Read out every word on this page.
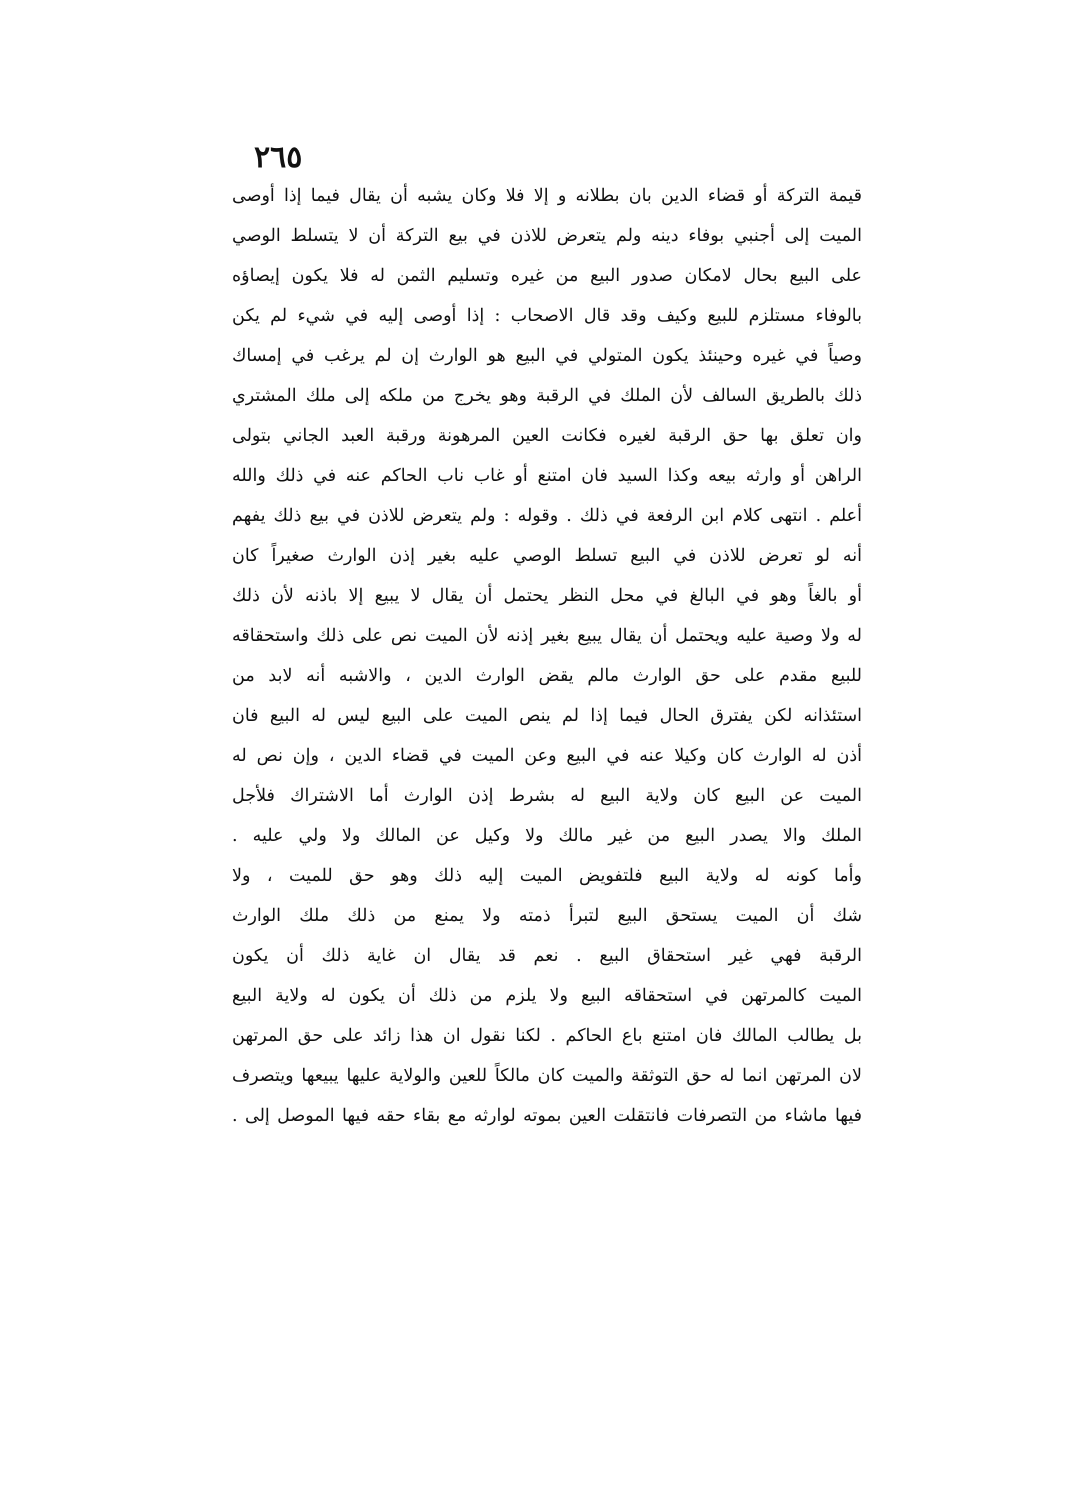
٢٦٥
قيمة التركة أو قضاء الدين بان بطلانه و إلا فلا وكان يشبه أن يقال فيما إذا أوصى
الميت إلى أجنبي بوفاء دينه ولم يتعرض للاذن في بيع التركة أن لا يتسلط الوصي
على البيع بحال لامكان صدور البيع من غيره وتسليم الثمن له فلا يكون إيصاؤه
بالوفاء مستلزم للبيع وكيف وقد قال الاصحاب : إذا أوصى إليه في شيء لم يكن
وصياً في غيره وحينئذ يكون المتولي في البيع هو الوارث إن لم يرغب في إمساك
ذلك بالطريق السالف لأن الملك في الرقبة وهو يخرج من ملكه إلى ملك المشتري
وان تعلق بها حق الرقبة لغيره فكانت العين المرهونة ورقبة العبد الجاني بتولى
الراهن أو وارثه بيعه وكذا السيد فان امتنع أو غاب ناب الحاكم عنه في ذلك والله
أعلم . انتهى كلام ابن الرفعة في ذلك . وقوله : ولم يتعرض للاذن في بيع ذلك يفهم
أنه لو تعرض للاذن في البيع تسلط الوصي عليه بغير إذن الوارث صغيراً كان
أو بالغاً وهو في البالغ في محل النظر يحتمل أن يقال لا يبيع إلا باذنه لأن ذلك
له ولا وصية عليه ويحتمل أن يقال يبيع بغير إذنه لأن الميت نص على ذلك واستحقاقه
للبيع مقدم على حق الوارث مالم يقض الوارث الدين ، والاشبه أنه لابد من
استئذانه لكن يفترق الحال فيما إذا لم ينص الميت على البيع ليس له البيع فان
أذن له الوارث كان وكيلا عنه في البيع وعن الميت في قضاء الدين ، وإن نص له
الميت عن البيع كان ولاية البيع له بشرط إذن الوارث أما الاشتراك فلأجل
الملك والا يصدر البيع من غير مالك ولا وكيل عن المالك ولا ولي عليه .
وأما كونه له ولاية البيع فلتفويض الميت إليه ذلك وهو حق للميت ، ولا
شك أن الميت يستحق البيع لتبرأ ذمته ولا يمنع من ذلك ملك الوارث
الرقبة فهي غير استحقاق البيع . نعم قد يقال ان غاية ذلك أن يكون
الميت كالمرتهن في استحقاقه البيع ولا يلزم من ذلك أن يكون له ولاية البيع
بل يطالب المالك فان امتنع باع الحاكم . لكنا نقول ان هذا زائد على حق المرتهن
لان المرتهن انما له حق التوثقة والميت كان مالكاً للعين والولاية عليها يبيعها ويتصرف
فيها ماشاء من التصرفات فانتقلت العين بموته لوارثه مع بقاء حقه فيها الموصل إلى .
